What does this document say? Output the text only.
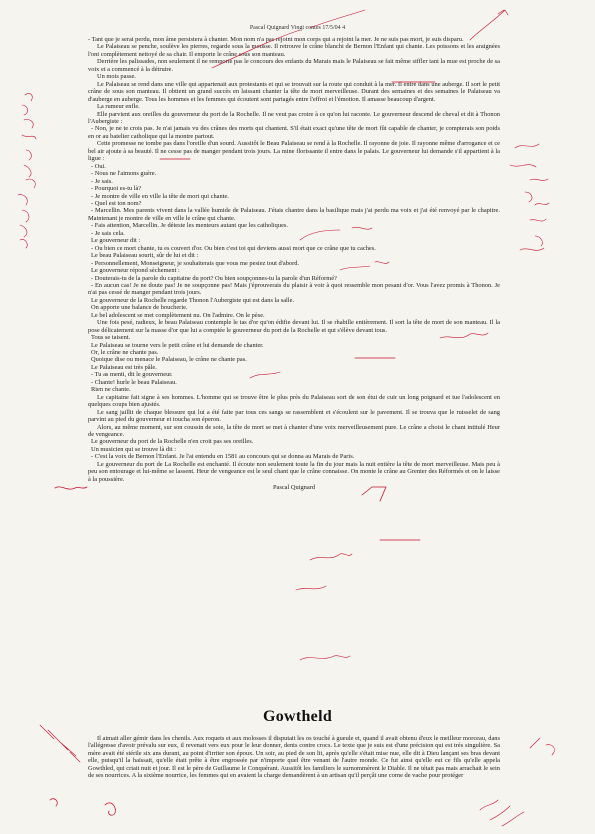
Pascal Quignard Vingt contes 17/5/04 4

- Tant que je serai perdu, mon âme persistera à chanter. Mon nom n'a pas rejoint mon corps qui a rejoint la mer. Je ne suis pas mort, je suis disparu.

Le Palaiseau se penche, soulève les pierres, regarde sous la mousse. Il retrouve le crâne blanchi de Bernon l'Enfant qui chante. Les poissons et les araignées l'ont complètement nettoyé de sa chair. Il emporte le crâne sous son manteau.

Derrière les palissades, non seulement il ne remporte pas le concours des enfants du Marais mais le Palaiseau se fait même siffler tant la mue est proche de sa voix et a commencé à la détruire.

Un mois passe.

Le Palaiseau se rend dans une ville qui appartenait aux protestants et qui se trouvait sur la route qui conduit à la mer. Il entre dans une auberge. Il sort le petit crâne de sous son manteau. Il obtient un grand succès en laissant chanter la tête de mort merveilleuse. Durant des semaines et des semaines le Palaiseau va d'auberge en auberge. Tous les hommes et les femmes qui écoutent sont partagés entre l'effroi et l'émotion. Il amasse beaucoup d'argent.

La rumeur enfle.

Elle parvient aux oreilles du gouverneur du port de la Rochelle. Il ne veut pas croire à ce qu'on lui raconte. Le gouverneur descend de cheval et dit à Thonon l'Aubergiste :

- Non, je ne te crois pas. Je n'ai jamais vu des crânes des morts qui chantent. S'il était exact qu'une tête de mort fût capable de chanter, je compterais son poids en or au batelier catholique qui la montre partout.

Cette promesse ne tombe pas dans l'oreille d'un sourd. Aussitôt le Beau Palaiseau se rend à la Rochelle. Il rayonne de joie. Il rayonne même d'arrogance et ce bel air ajoute à sa beauté. Il ne cesse pas de manger pendant trois jours. La mine florissante il entre dans le palais. Le gouverneur lui demande s'il appartient à la ligue :

- Oui.

- Nous ne l'aimons guère.

- Je sais.

- Pourquoi es-tu là?

- Je montre de ville en ville la tête de mort qui chante.

- Quel est ton nom?

- Marcellin. Mes parents vivent dans la vallée humide de Palaiseau. J'étais chantre dans la basilique mais j'ai perdu ma voix et j'ai été renvoyé par le chapitre. Maintenant je montre de ville en ville le crâne qui chante.

- Fais attention, Marcellin. Je déteste les menteurs autant que les catholiques.

- Je sais cela.

Le gouverneur dit :

- Ou bien ce mort chante, tu es couvert d'or. Ou bien c'est toi qui deviens aussi mort que ce crâne que tu caches.

Le beau Palaiseau sourit, sûr de lui et dit :

- Personnellement, Monseigneur, je souhaiterais que vous me pesiez tout d'abord.

Le gouverneur répond sèchement :

- Douterais-tu de la parole du capitaine du port? Ou bien soupçonnes-tu la parole d'un Réformé?

- En aucun cas! Je ne doute pas! Je ne soupçonne pas! Mais j'éprouverais du plaisir à voir à quoi ressemble mon pesant d'or. Vous l'avez promis à Thonon. Je n'ai pas cessé de manger pendant trois jours.

Le gouverneur de la Rochelle regarde Thonon l'Aubergiste qui est dans la salle.

On apporte une balance de boucherie.

Le bel adolescent se met complètement nu. On l'admire. On le pèse.

Une fois pesé, radieux, le beau Palaiseau contemple le tas d'or qu'on édifie devant lui. Il se rhabille entièrement. Il sort la tête de mort de son manteau. Il la pose délicatement sur la masse d'or que lui a comptée le gouverneur du port de la Rochelle et qui s'élève devant tous.

Tous se taisent.

Le Palaiseau se tourne vers le petit crâne et lui demande de chanter.

Or, le crâne ne chante pas.

Quoique dise ou menace le Palaiseau, le crâne ne chante pas.

Le Palaiseau est très pâle.

- Tu as menti, dit le gouverneur.

- Chante! hurle le beau Palaiseau.

Rien ne chante.

Le capitaine fait signe à ses hommes. L'homme qui se trouve être le plus près du Palaiseau sort de son étui de cuir un long poignard et tue l'adolescent en quelques coups bien ajustés.

Le sang jaillit de chaque blessure qui lui a été faite par tous ces sangs se rassemblent et s'écoulent sur le pavement. Il se trouva que le ruisselet de sang parvint au pied du gouverneur et toucha son éperon.

Alors, au même moment, sur son coussin de soie, la tête de mort se met à chanter d'une voix merveilleusement pure. Le crâne a choisi le chant intitulé Heur de vengeance.

Le gouverneur du port de la Rochelle n'en croit pas ses oreilles.

Un musicien qui se trouve là dit :

- C'est la voix de Bernon l'Enfant. Je l'ai entendu en 1581 au concours qui se donna au Marais de Paris.

Le gouverneur du port de La Rochelle est enchanté. Il écoute non seulement toute la fin du jour mais la nuit entière la tête de mort merveilleuse. Mais peu à peu son entourage et lui-même se lassent. Heur de vengeance est le seul chant que le crâne connaisse. On monte le crâne au Grenier des Réformés et on le laisse à la poussière.

Pascal Quignard

Gowtheld

Il aimait aller gémir dans les chenils. Aux roquets et aux molosses il disputait les os touché à gueule et, quand il avait obtenu d'eux le meilleur morceau, dans l'allégresse d'avoir prévalu sur eux, il revenait vers eux pour le leur donner, dents contre crocs. Le texte que je suis est d'une précision qui est très singulière. Sa mère avait été stérile six ans durant, au point d'irriter son époux. Un soir, au pied de son lit, après qu'elle s'était mise nue, elle dit à Dieu lançant ses bras devant elle, puisqu'il la haïssait, qu'elle était prête à être engrossée par n'importe quel être venant de l'autre monde. Ce fut ainsi qu'elle eut ce fils qu'elle appela Gowthled, qui criait nuit et jour. Il est le père de Guillaume le Conquérant. Aussitôt les familiers le surnommèrent le Diable. Il ne tétait pas mais arrachait le sein de ses nourrices. A la sixième nourrice, les femmes qui en avaient la charge demandèrent à un artisan qu'il perçât une corne de vache pour protéger
